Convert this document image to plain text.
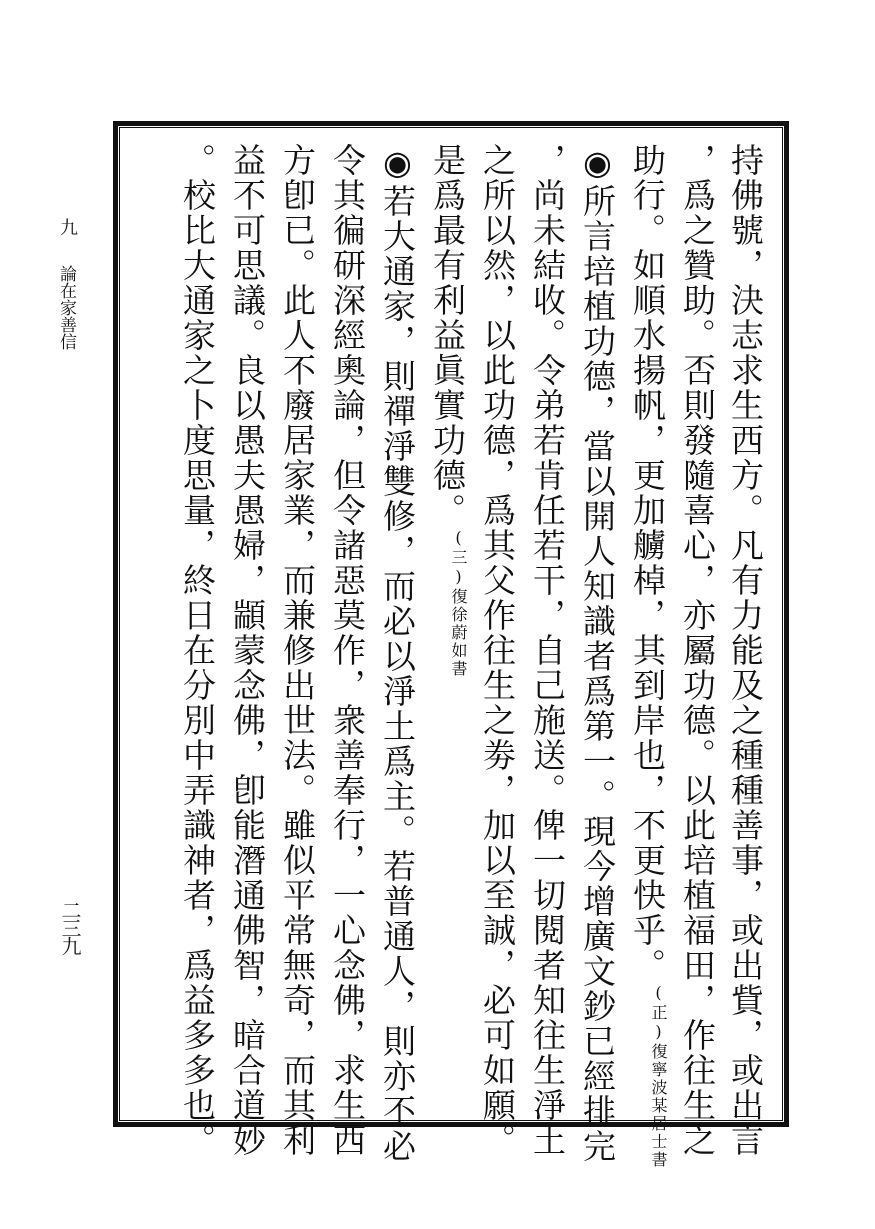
九
論在家善信
二三九	持佛號，決志求生西方。凡有力能及之種種善事，或出貲，或出言
，爲之贊助。否則發隨喜心，亦屬功德。以此培植福田，作往生之
助行。如順水揚帆，更加艣棹，其到岸也，不更快乎。(正)復寧波某居士書
◉所言培植功德，當以開人知識者爲第一。現今增廣文鈔已經排完
，尚未結收。令弟若肯任若干，自己施送。俾一切閱者知往生淨土
之所以然，以此功德，爲其父作往生之劵，加以至誠，必可如願。
是爲最有利益眞實功德。(三)復徐蔚如書
◉若大通家，則禪淨雙修，而必以淨土爲主。若普通人，則亦不必
令其徧研深經奧論，但令諸惡莫作，衆善奉行，一心念佛，求生西
方卽已。此人不廢居家業，而兼修出世法。雖似平常無奇，而其利
益不可思議。良以愚夫愚婦，顓蒙念佛，卽能潛通佛智，暗合道妙
。校比大通家之卜度思量，終日在分別中弄識神者，爲益多多也。
